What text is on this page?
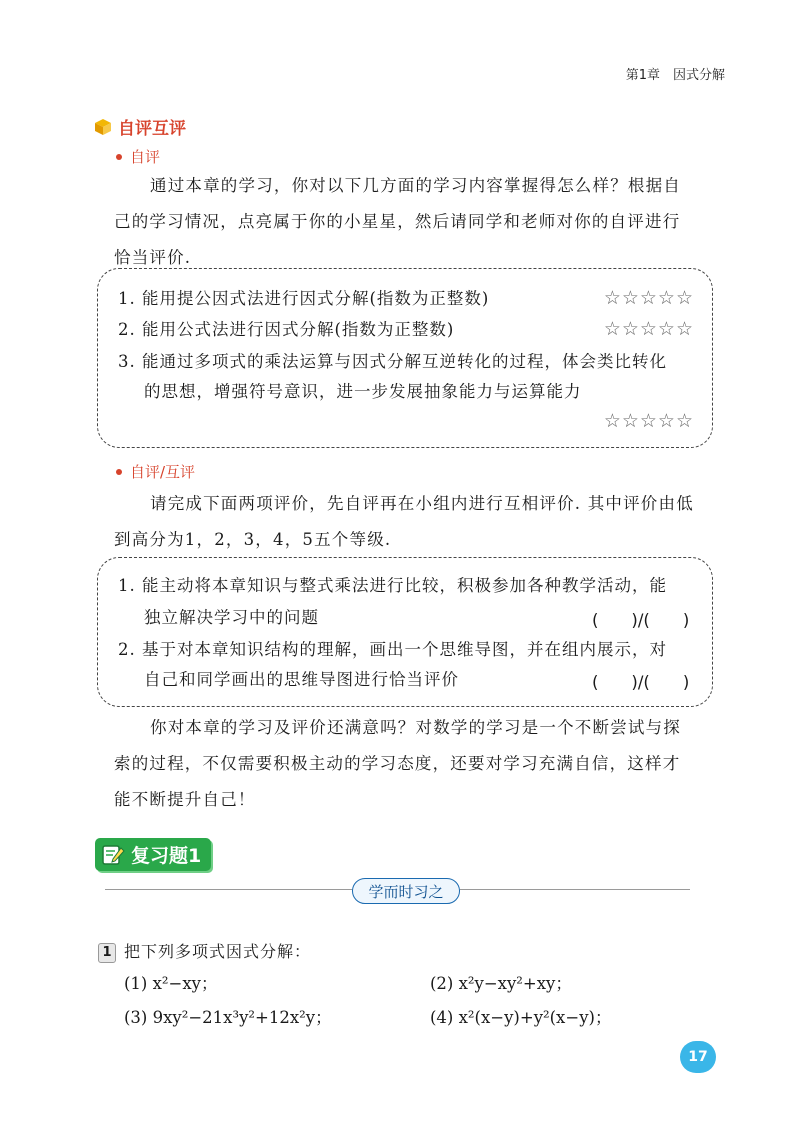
第1章　因式分解
自评互评
自评
通过本章的学习，你对以下几方面的学习内容掌握得怎么样？根据自己的学习情况，点亮属于你的小星星，然后请同学和老师对你的自评进行恰当评价.
1. 能用提公因式法进行因式分解(指数为正整数)	☆☆☆☆☆
2. 能用公式法进行因式分解(指数为正整数)	☆☆☆☆☆
3. 能通过多项式的乘法运算与因式分解互逆转化的过程，体会类比转化
的思想，增强符号意识，进一步发展抽象能力与运算能力
☆☆☆☆☆
自评/互评
请完成下面两项评价，先自评再在小组内进行互相评价. 其中评价由低到高分为1，2，3，4，5五个等级.
1. 能主动将本章知识与整式乘法进行比较，积极参加各种教学活动，能
独立解决学习中的问题	(　　)/(　　)
2. 基于对本章知识结构的理解，画出一个思维导图，并在组内展示，对
自己和同学画出的思维导图进行恰当评价	(　　)/(　　)
你对本章的学习及评价还满意吗？对数学的学习是一个不断尝试与探索的过程，不仅需要积极主动的学习态度，还要对学习充满自信，这样才能不断提升自己！
复习题1
学而时习之
1 把下列多项式因式分解：
(1) x²−xy；	(2) x²y−xy²+xy；
(3) 9xy²−21x³y²+12x²y；	(4) x²(x−y)+y²(x−y)；
17
